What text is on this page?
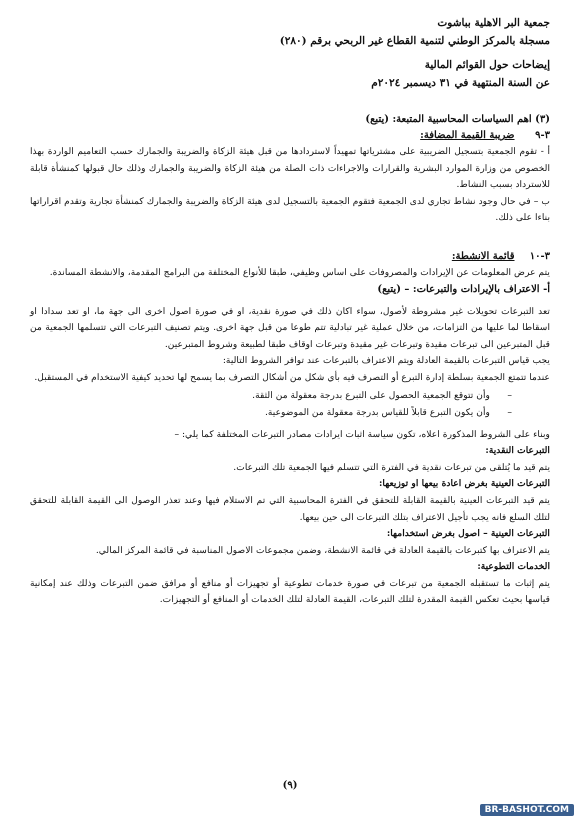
جمعية البر الاهلية بباشوت
مسجلة بالمركز الوطني لتنمية القطاع غير الربحي برقم (٢٨٠)
إيضاحات حول القوائم المالية
عن السنة المنتهية في ٣١ ديسمبر ٢٠٢٤م
(٣) اهم السياسات المحاسبية المتبعة: (يتبع)
٣-٩ ضريبة القيمة المضافة:

أ - تقوم الجمعية بتسجيل الضريبية على مشترياتها تمهيداً لاستردادها من قبل هيئة الزكاة والضريبة والجمارك حسب التعاميم الواردة بهذا الخصوص من وزارة الموارد البشرية والقرارات والاجراءات ذات الصلة من هيئة الزكاة والضريبة والجمارك وذلك حال قبولها كمنشأة قابلة للاسترداد بسبب النشاط.

ب – في حال وجود نشاط تجاري لدى الجمعية فتقوم الجمعية بالتسجيل لدى هيئة الزكاة والضريبة والجمارك كمنشأة تجارية وتقدم اقراراتها بناءا على ذلك.

٣-١٠ قائمة الانشطة:

يتم عرض المعلومات عن الإيرادات والمصروفات على اساس وظيفي، طبقا للأنواع المختلفة من البرامج المقدمة، والانشطة المساندة.

أ- الاعتراف بالإيرادات والتبرعات: – (يتبع)

تعد التبرعات تحويلات غير مشروطة لأصول، سواء اكان ذلك في صورة نقدية، او في صورة اصول اخرى الى جهة ما، او تعد سدادا او اسقاطا لما عليها من التزامات، من خلال عملية غير تبادلية تتم طوعا من قبل جهة اخرى. ويتم تصنيف التبرعات التي تتسلمها الجمعية من قبل المتبرعين الى تبرعات مقيدة وتبرعات غير مقيدة وتبرعات اوقاف طبقا لطبيعة وشروط المتبرعين.

يجب قياس التبرعات بالقيمة العادلة ويتم الاعتراف بالتبرعات عند توافر الشروط التالية:

عندما تتمتع الجمعية بسلطة إدارة التبرع أو التصرف فيه بأي شكل من أشكال التصرف بما يسمح لها تحديد كيفية الاستخدام في المستقبل.

–وأن تتوقع الجمعية الحصول على التبرع بدرجة معقولة من الثقة.
–وأن يكون التبرع قابلاً للقياس بدرجة معقولة من الموضوعية.

وبناء على الشروط المذكورة اعلاه، تكون سياسة اثبات ايرادات مصادر التبرعات المختلفة كما يلي: –

التبرعات النقدية:

يتم قيد ما يُتلقى من تبرعات نقدية في الفترة التي تتسلم فيها الجمعية تلك التبرعات.

التبرعات العينية بغرض اعادة بيعها او توزيعها:

يتم قيد التبرعات العينية بالقيمة القابلة للتحقق في الفترة المحاسبية التي تم الاستلام فيها وعند تعذر الوصول الى القيمة القابلة للتحقق لتلك السلع فانه يجب تأجيل الاعتراف بتلك التبرعات الى حين بيعها.

التبرعات العينية – اصول بغرض استخدامها:

يتم الاعتراف بها كتبرعات بالقيمة العادلة في قائمة الانشطة، وضمن مجموعات الاصول المناسبة في قائمة المركز المالي.

الخدمات التطوعية:

يتم إثبات ما تستقبله الجمعية من تبرعات في صورة خدمات تطوعية أو تجهيزات أو منافع أو مرافق ضمن التبرعات وذلك عند إمكانية قياسها بحيث تعكس القيمة المقدرة لتلك التبرعات، القيمة العادلة لتلك الخدمات أو المنافع أو التجهيزات.

(٩)
BR-BASHOT.COM
